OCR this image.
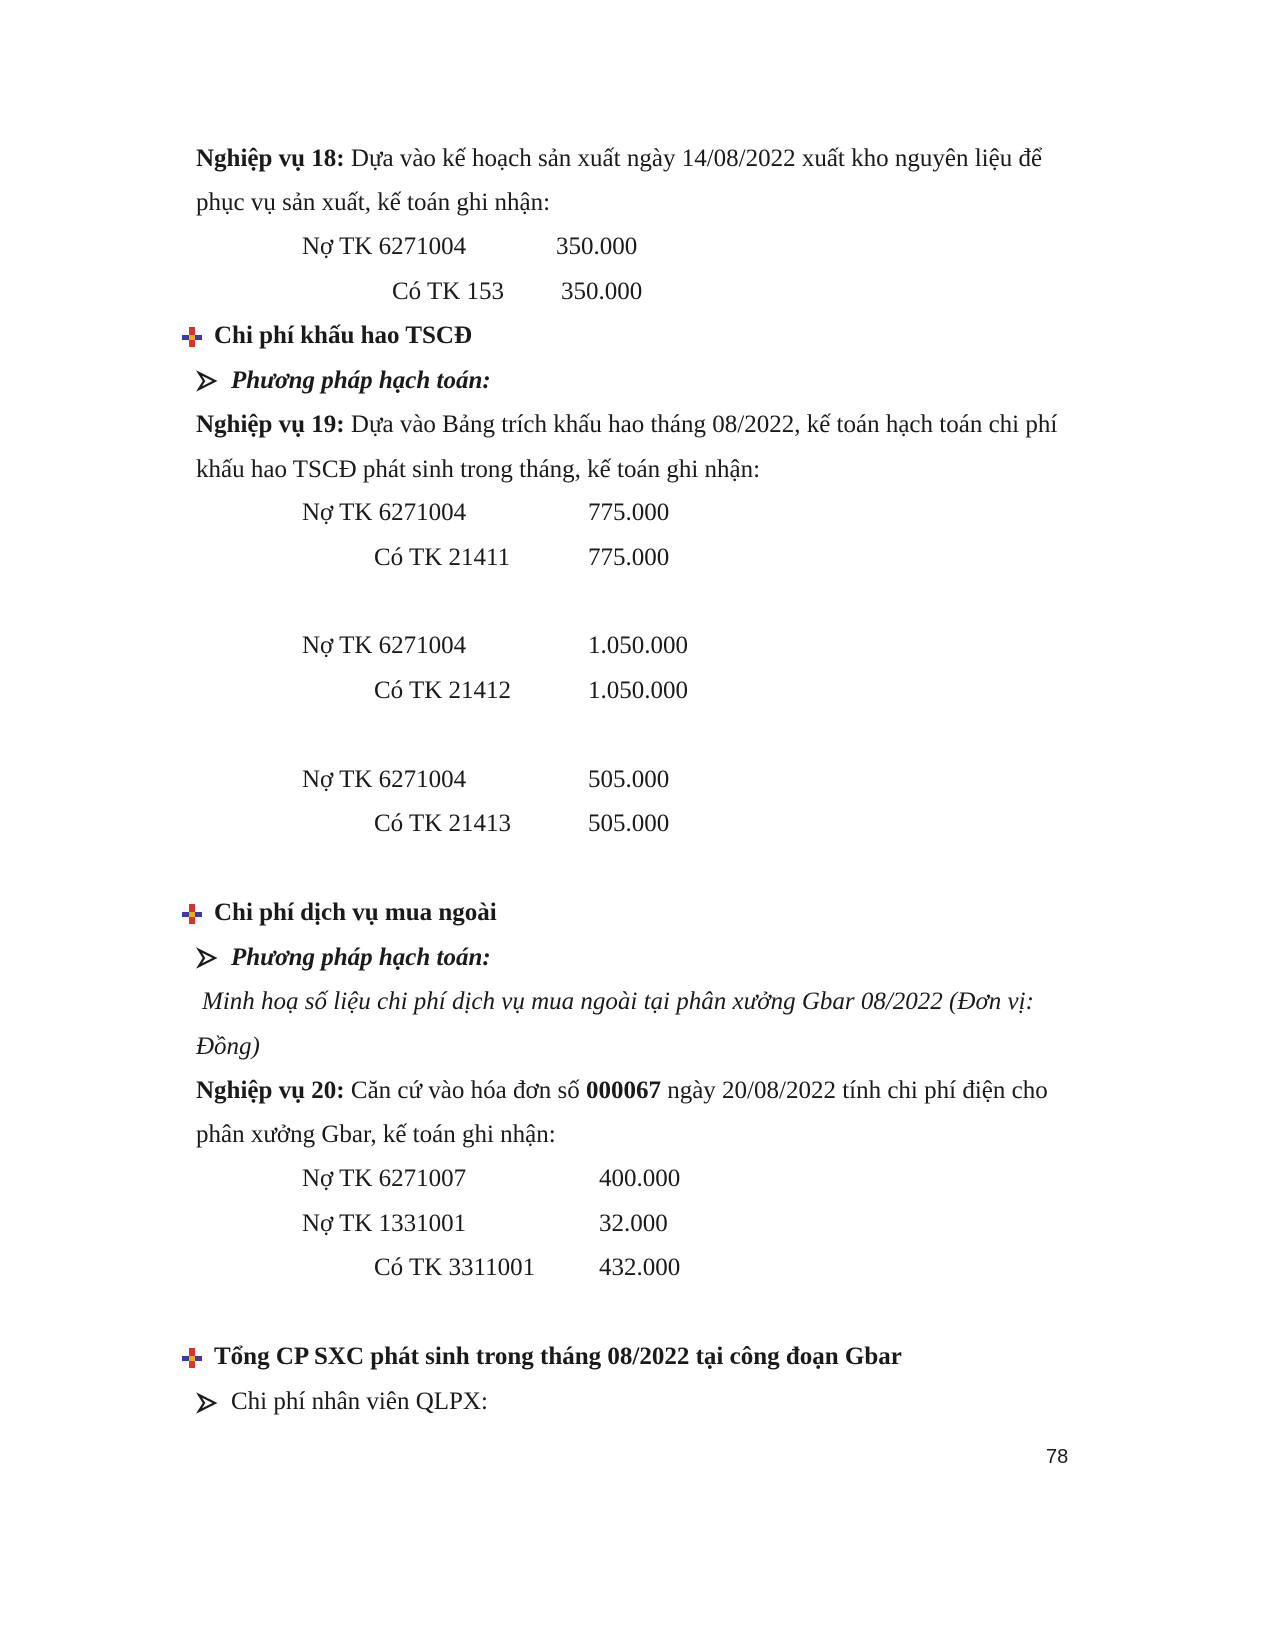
Nghiệp vụ 18: Dựa vào kế hoạch sản xuất ngày 14/08/2022 xuất kho nguyên liệu để
phục vụ sản xuất, kế toán ghi nhận:
Nợ TK 6271004	350.000
Có TK 153 350.000
Chi phí khấu hao TSCĐ
Phương pháp hạch toán:
Nghiệp vụ 19: Dựa vào Bảng trích khấu hao tháng 08/2022, kế toán hạch toán chi phí
khấu hao TSCĐ phát sinh trong tháng, kế toán ghi nhận:
Nợ TK 6271004	775.000
Có TK 21411	775.000
Nợ TK 6271004	1.050.000
Có TK 21412	1.050.000
Nợ TK 6271004	505.000
Có TK 21413	505.000
Chi phí dịch vụ mua ngoài
Phương pháp hạch toán:
Minh hoạ số liệu chi phí dịch vụ mua ngoài tại phân xưởng Gbar 08/2022 (Đơn vị:
Đồng)
Nghiệp vụ 20: Căn cứ vào hóa đơn số 000067 ngày 20/08/2022 tính chi phí điện cho
phân xưởng Gbar, kế toán ghi nhận:
Nợ TK 6271007	400.000
Nợ TK 1331001	32.000
Có TK 3311001	432.000
Tổng CP SXC phát sinh trong tháng 08/2022 tại công đoạn Gbar
Chi phí nhân viên QLPX:
78
